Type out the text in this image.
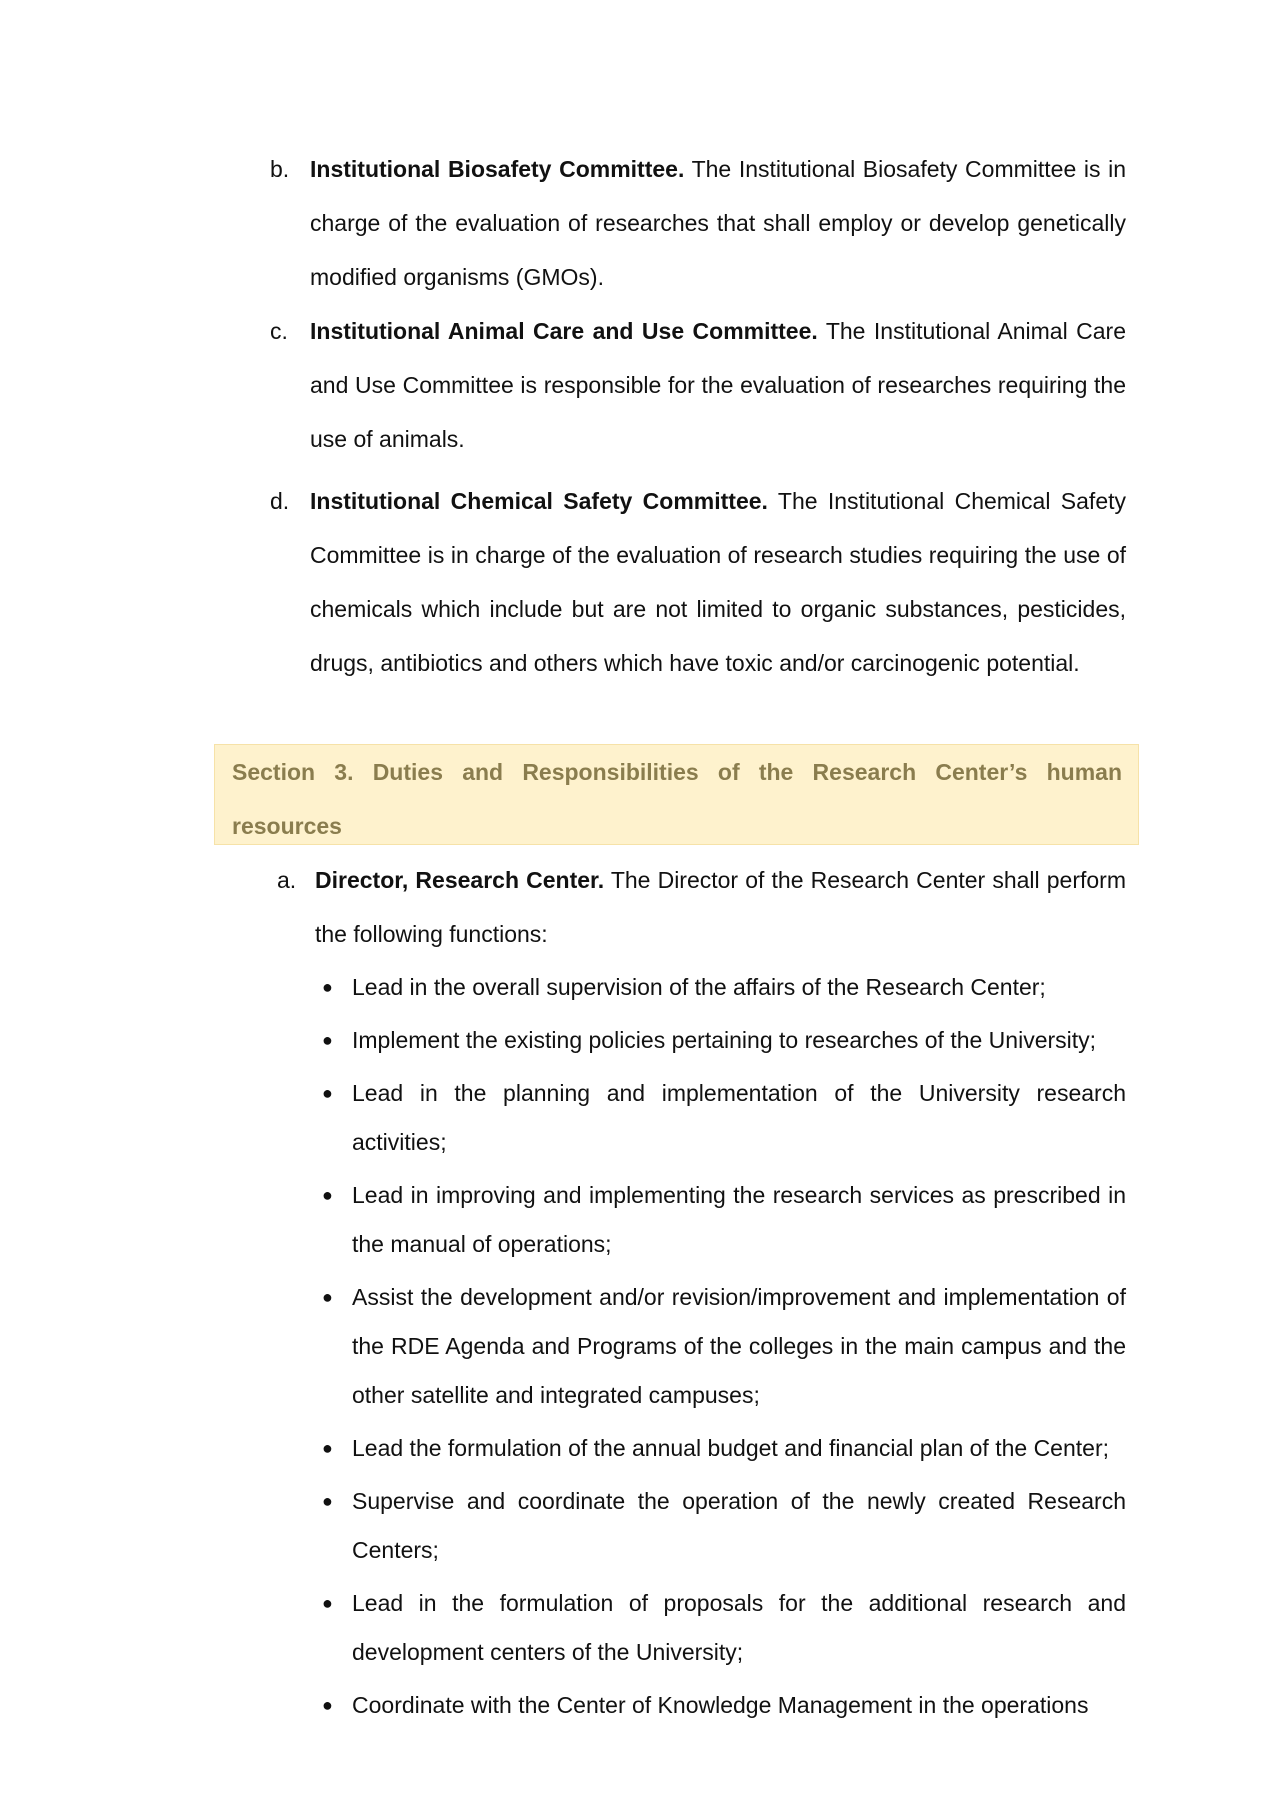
b. Institutional Biosafety Committee. The Institutional Biosafety Committee is in charge of the evaluation of researches that shall employ or develop genetically modified organisms (GMOs).
c. Institutional Animal Care and Use Committee. The Institutional Animal Care and Use Committee is responsible for the evaluation of researches requiring the use of animals.
d. Institutional Chemical Safety Committee. The Institutional Chemical Safety Committee is in charge of the evaluation of research studies requiring the use of chemicals which include but are not limited to organic substances, pesticides, drugs, antibiotics and others which have toxic and/or carcinogenic potential.
Section 3. Duties and Responsibilities of the Research Center’s human resources
a. Director, Research Center. The Director of the Research Center shall perform the following functions:
● Lead in the overall supervision of the affairs of the Research Center;
● Implement the existing policies pertaining to researches of the University;
● Lead in the planning and implementation of the University research activities;
● Lead in improving and implementing the research services as prescribed in the manual of operations;
● Assist the development and/or revision/improvement and implementation of the RDE Agenda and Programs of the colleges in the main campus and the other satellite and integrated campuses;
● Lead the formulation of the annual budget and financial plan of the Center;
● Supervise and coordinate the operation of the newly created Research Centers;
● Lead in the formulation of proposals for the additional research and development centers of the University;
● Coordinate with the Center of Knowledge Management in the operations
